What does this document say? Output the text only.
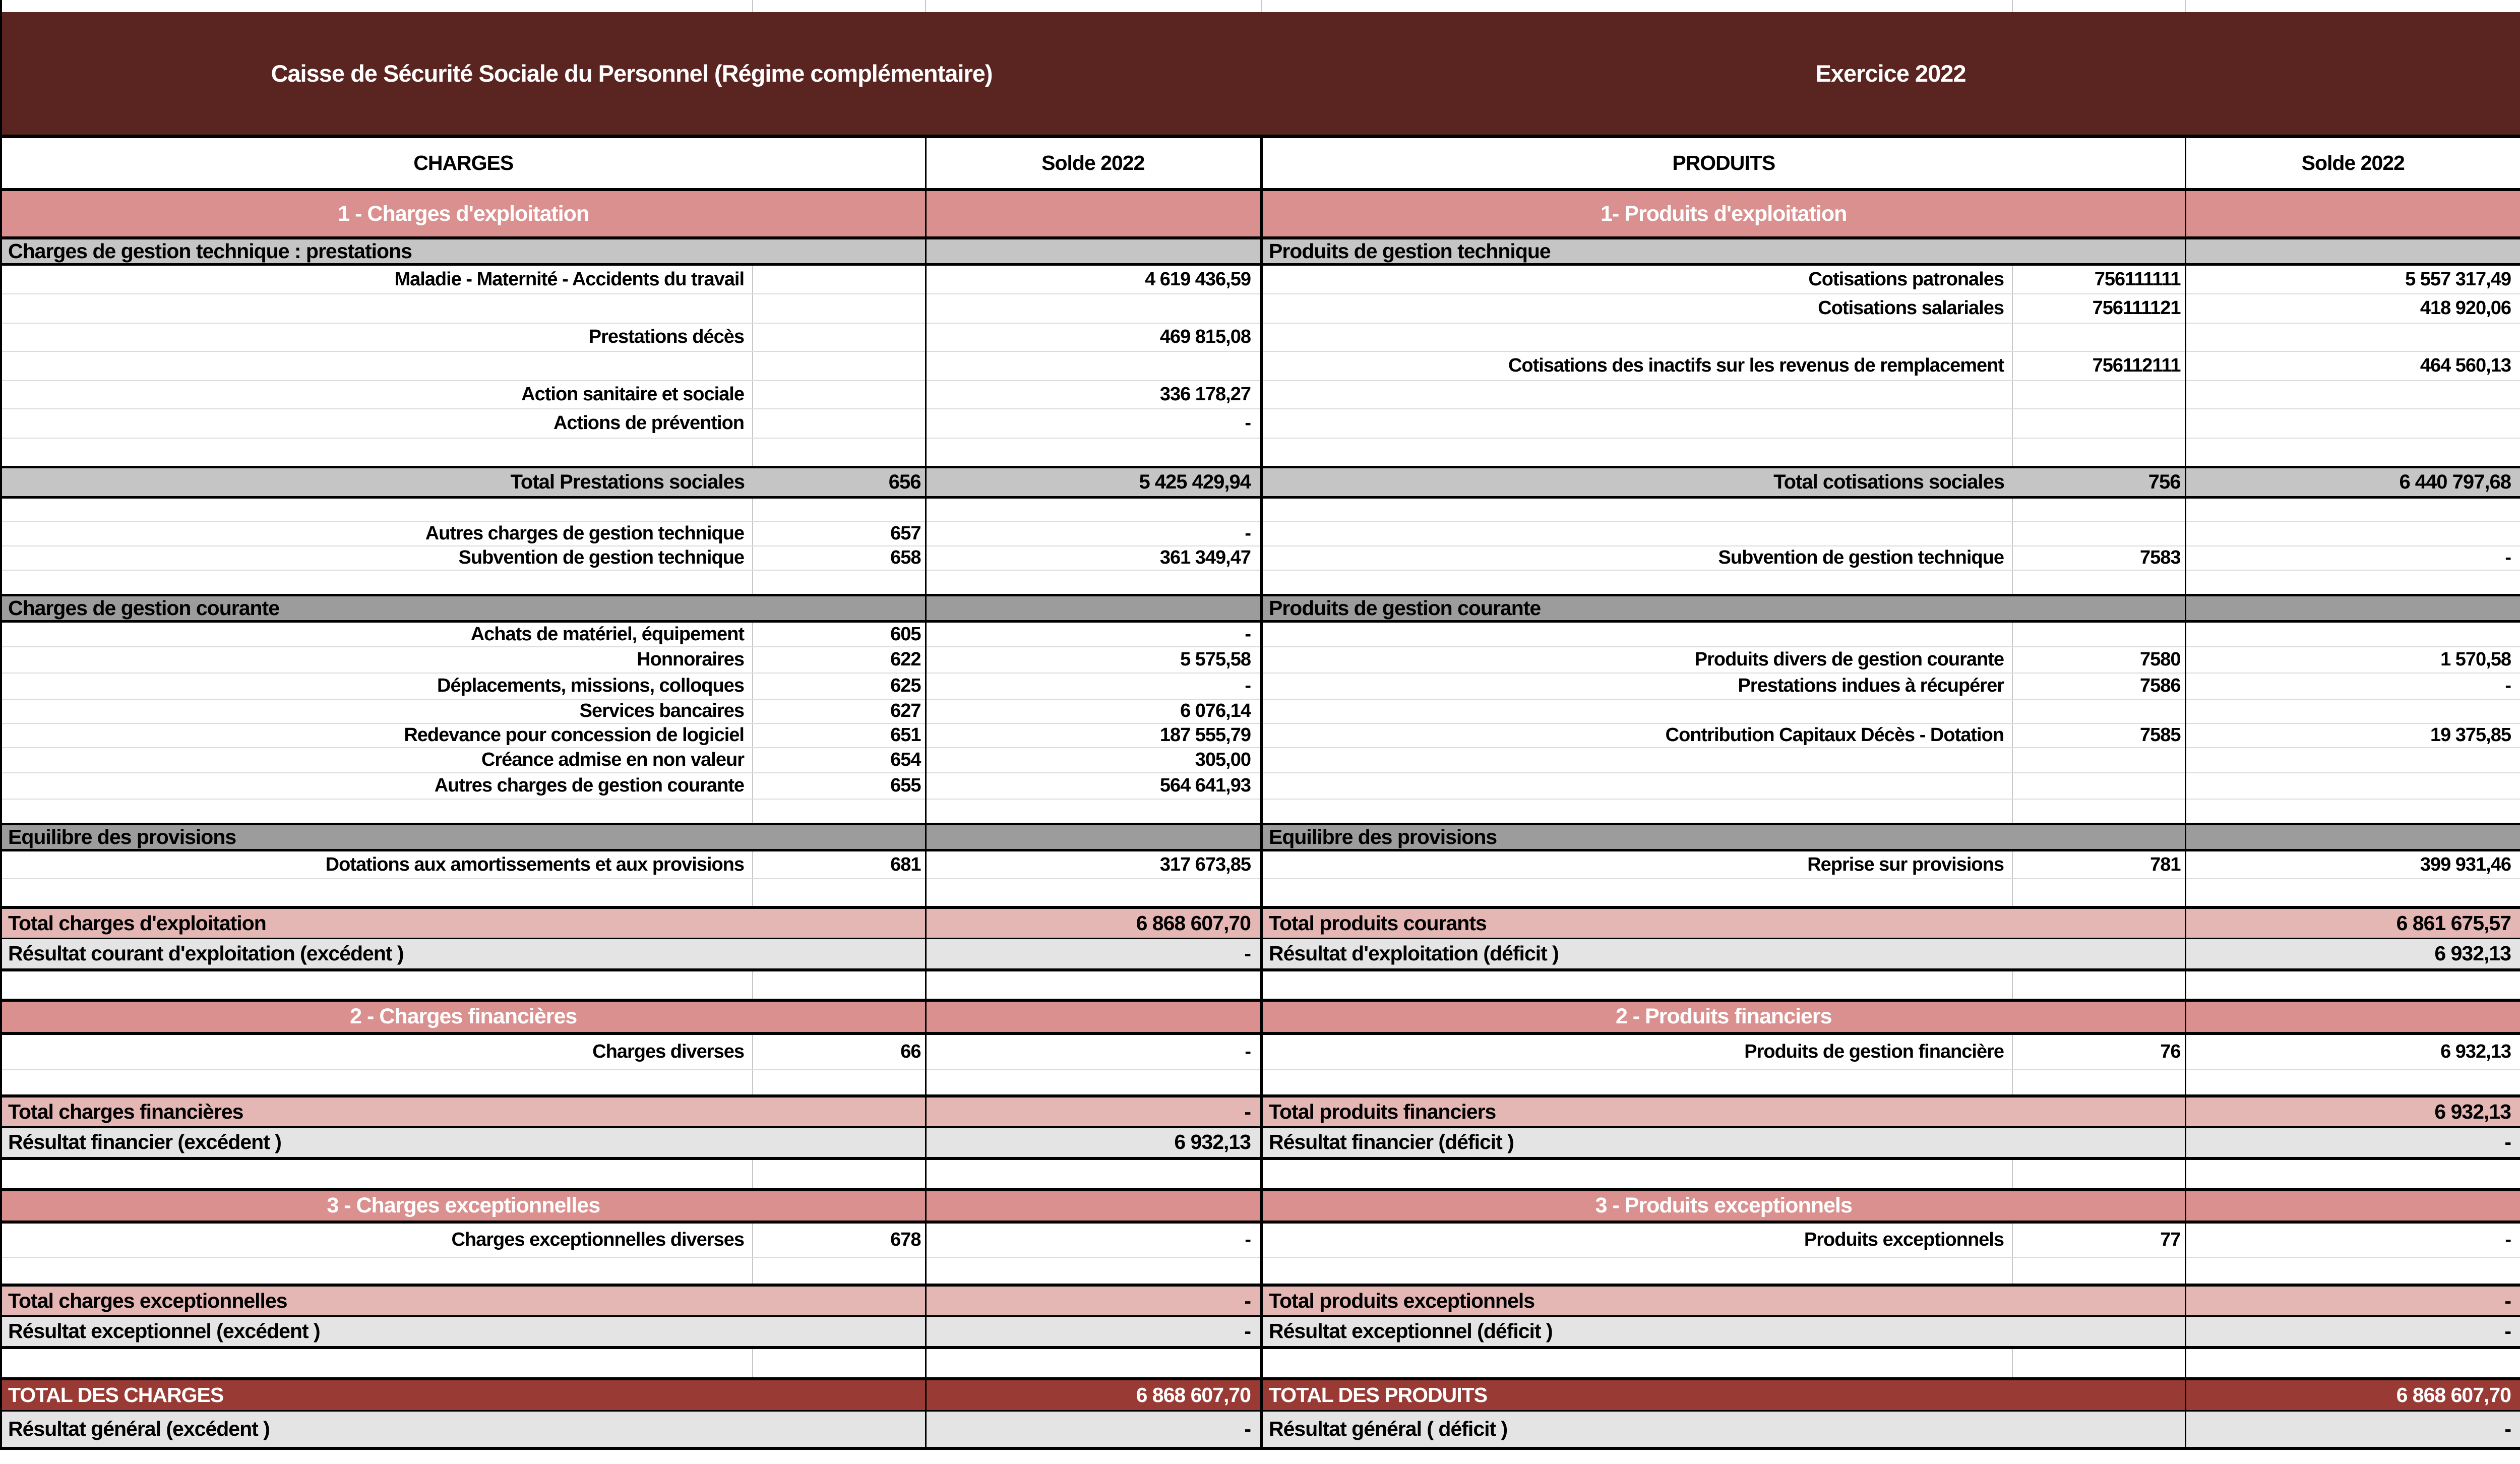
Caisse de Sécurité Sociale du Personnel (Régime complémentaire)			Exercice 2022		
CHARGES		Solde 2022	PRODUITS		Solde 2022
1 - Charges d'exploitation			1- Produits d'exploitation		
Charges de gestion technique : prestations			Produits de gestion technique		
Maladie - Maternité - Accidents du travail		4 619 436,59	Cotisations patronales	756111111	5 557 317,49
			Cotisations salariales	756111121	418 920,06
Prestations décès		469 815,08			
			Cotisations des inactifs sur les revenus de remplacement	756112111	464 560,13
Action sanitaire et sociale		336 178,27			
Actions de prévention		-			

Total Prestations sociales	656	5 425 429,94	Total cotisations sociales	756	6 440 797,68

Autres charges de gestion technique	657	-			
Subvention de gestion technique	658	361 349,47	Subvention de gestion technique	7583	-

Charges de gestion courante			Produits de gestion courante		
Achats de matériel, équipement	605	-			
Honnoraires	622	5 575,58	Produits divers de gestion courante	7580	1 570,58
Déplacements, missions, colloques	625	-	Prestations indues à récupérer	7586	-
Services bancaires	627	6 076,14			
Redevance pour concession de logiciel	651	187 555,79	Contribution Capitaux Décès - Dotation	7585	19 375,85
Créance admise en non valeur	654	305,00			
Autres charges de gestion courante	655	564 641,93			

Equilibre des provisions			Equilibre des provisions		
Dotations aux amortissements et aux provisions	681	317 673,85	Reprise sur provisions	781	399 931,46

Total charges d'exploitation		6 868 607,70	Total produits courants		6 861 675,57
Résultat courant d'exploitation (excédent )		-	Résultat d'exploitation (déficit )		6 932,13

2 - Charges financières			2 - Produits financiers		
Charges diverses	66	-	Produits de gestion financière	76	6 932,13

Total charges financières		-	Total produits financiers		6 932,13
Résultat financier (excédent )		6 932,13	Résultat financier (déficit )		-

3 - Charges exceptionnelles			3 - Produits exceptionnels		
Charges exceptionnelles diverses	678	-	Produits exceptionnels	77	-

Total charges exceptionnelles		-	Total produits exceptionnels		-
Résultat exceptionnel (excédent )		-	Résultat exceptionnel (déficit )		-

TOTAL DES CHARGES		6 868 607,70	TOTAL DES PRODUITS		6 868 607,70
Résultat général (excédent )		-	Résultat général ( déficit )		-
